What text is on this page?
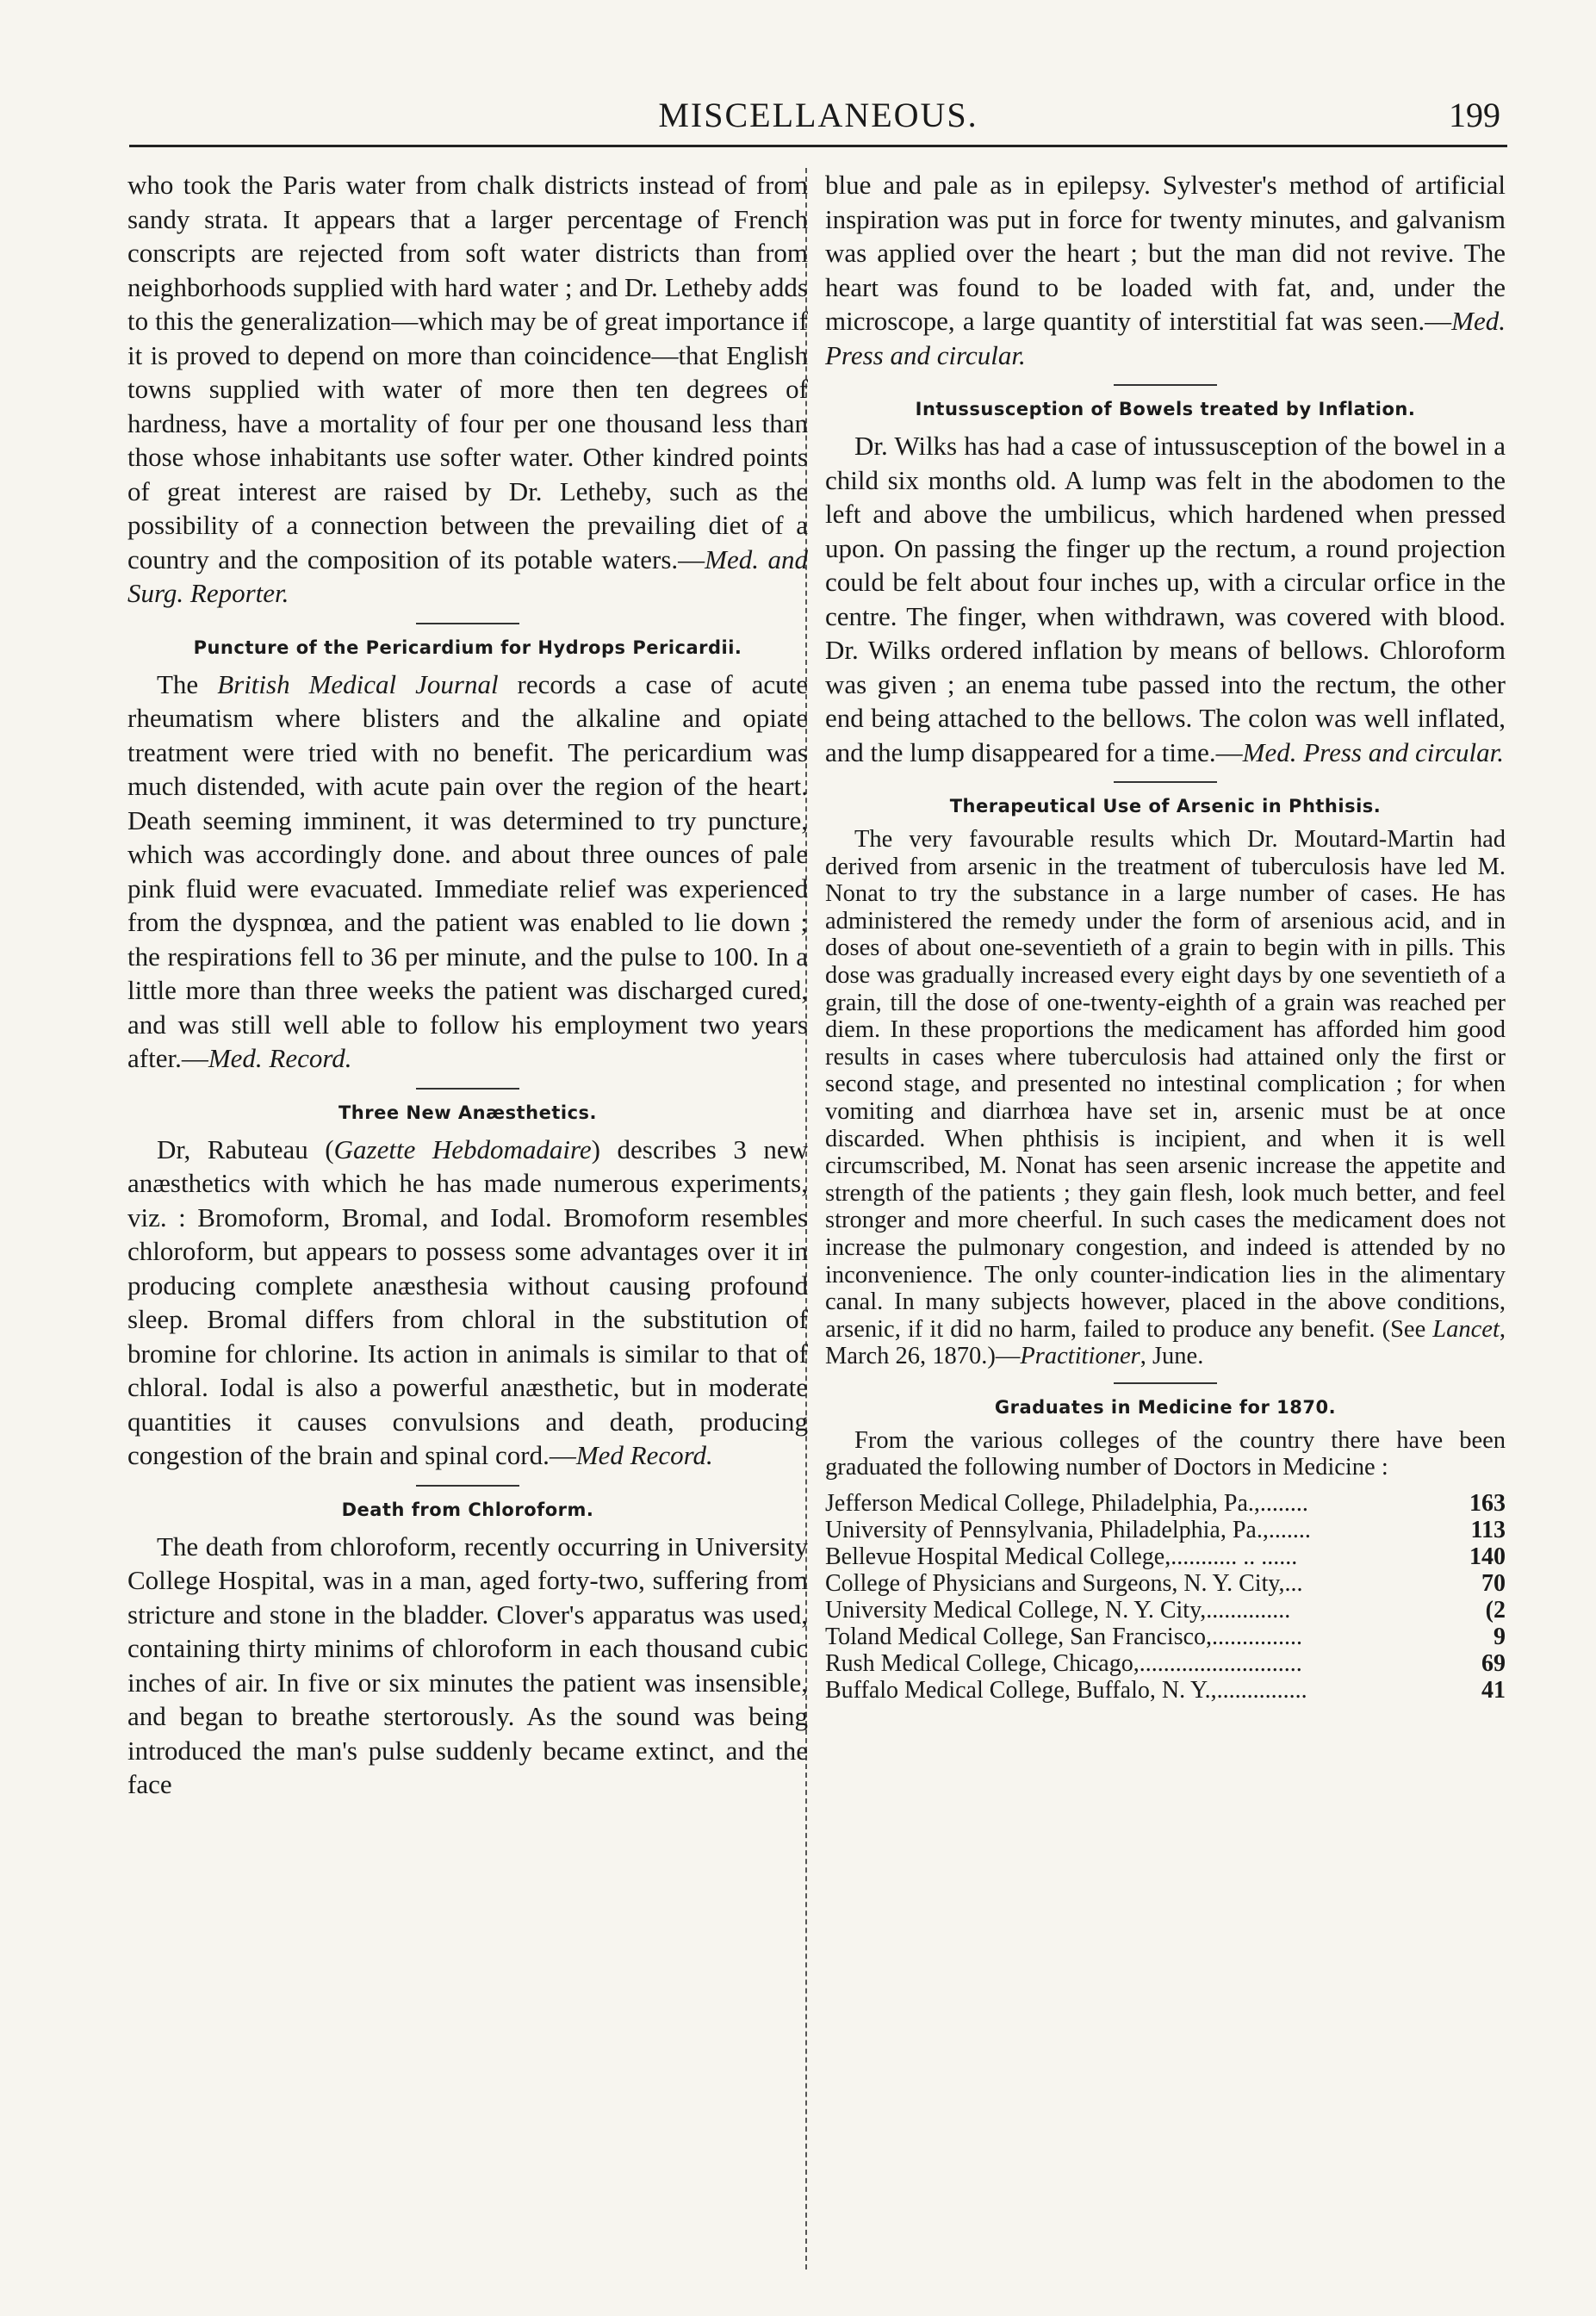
MISCELLANEOUS.	199

who took the Paris water from chalk districts instead of from sandy strata. It appears that a larger percentage of French conscripts are rejected from soft water districts than from neighborhoods supplied with hard water ; and Dr. Letheby adds to this the generalization—which may be of great importance if it is proved to depend on more than coincidence—that English towns supplied with water of more then ten degrees of hardness, have a mortality of four per one thousand less than those whose inhabitants use softer water. Other kindred points of great interest are raised by Dr. Letheby, such as the possibility of a connection between the prevailing diet of a country and the composition of its potable waters.—Med. and Surg. Reporter.

Puncture of the Pericardium for Hydrops Pericardii.

The British Medical Journal records a case of acute rheumatism where blisters and the alkaline and opiate treatment were tried with no benefit. The pericardium was much distended, with acute pain over the region of the heart. Death seeming imminent, it was determined to try puncture, which was accordingly done. and about three ounces of pale pink fluid were evacuated. Immediate relief was experienced from the dyspnœa, and the patient was enabled to lie down ; the respirations fell to 36 per minute, and the pulse to 100. In a little more than three weeks the patient was discharged cured, and was still well able to follow his employment two years after.—Med. Record.

Three New Anæsthetics.

Dr, Rabuteau (Gazette Hebdomadaire) describes 3 new anæsthetics with which he has made numerous experiments, viz. : Bromoform, Bromal, and Iodal. Bromoform resembles chloroform, but appears to possess some advantages over it in producing complete anæsthesia without causing profound sleep. Bromal differs from chloral in the substitution of bromine for chlorine. Its action in animals is similar to that of chloral. Iodal is also a powerful anæsthetic, but in moderate quantities it causes convulsions and death, producing congestion of the brain and spinal cord.—Med Record.

Death from Chloroform.

The death from chloroform, recently occurring in University College Hospital, was in a man, aged forty-two, suffering from stricture and stone in the bladder. Clover's apparatus was used, containing thirty minims of chloroform in each thousand cubic inches of air. In five or six minutes the patient was insensible, and began to breathe stertorously. As the sound was being introduced the man's pulse suddenly became extinct, and the face

blue and pale as in epilepsy. Sylvester's method of artificial inspiration was put in force for twenty minutes, and galvanism was applied over the heart ; but the man did not revive. The heart was found to be loaded with fat, and, under the microscope, a large quantity of interstitial fat was seen.—Med. Press and circular.

Intussusception of Bowels treated by Inflation.

Dr. Wilks has had a case of intussusception of the bowel in a child six months old. A lump was felt in the abodomen to the left and above the umbilicus, which hardened when pressed upon. On passing the finger up the rectum, a round projection could be felt about four inches up, with a circular orfice in the centre. The finger, when withdrawn, was covered with blood. Dr. Wilks ordered inflation by means of bellows. Chloroform was given ; an enema tube passed into the rectum, the other end being attached to the bellows. The colon was well inflated, and the lump disappeared for a time.—Med. Press and circular.

Therapeutical Use of Arsenic in Phthisis.

The very favourable results which Dr. Moutard-Martin had derived from arsenic in the treatment of tuberculosis have led M. Nonat to try the substance in a large number of cases. He has administered the remedy under the form of arsenious acid, and in doses of about one-seventieth of a grain to begin with in pills. This dose was gradually increased every eight days by one seventieth of a grain, till the dose of one-twenty-eighth of a grain was reached per diem. In these proportions the medicament has afforded him good results in cases where tuberculosis had attained only the first or second stage, and presented no intestinal complication ; for when vomiting and diarrhœa have set in, arsenic must be at once discarded. When phthisis is incipient, and when it is well circumscribed, M. Nonat has seen arsenic increase the appetite and strength of the patients ; they gain flesh, look much better, and feel stronger and more cheerful. In such cases the medicament does not increase the pulmonary congestion, and indeed is attended by no inconvenience. The only counter-indication lies in the alimentary canal. In many subjects however, placed in the above conditions, arsenic, if it did no harm, failed to produce any benefit. (See Lancet, March 26, 1870.)—Practitioner, June.

Graduates in Medicine for 1870.

From the various colleges of the country there have been graduated the following number of Doctors in Medicine :

Jefferson Medical College, Philadelphia, Pa.,........	163
University of Pennsylvania, Philadelphia, Pa.,.......	113
Bellevue Hospital Medical College,........... .. ......	140
College of Physicians and Surgeons, N. Y. City,...	70
University Medical College, N. Y. City,..............	(2
Toland Medical College, San Francisco,...............	9
Rush Medical College, Chicago,...........................	69
Buffalo Medical College, Buffalo, N. Y.,...............	41
